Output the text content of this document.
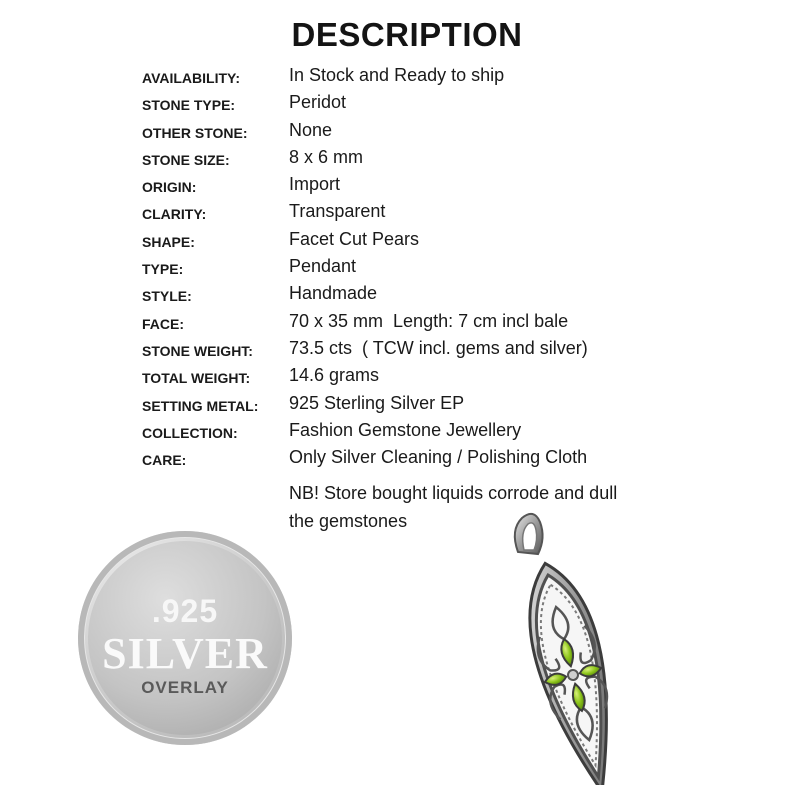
DESCRIPTION
AVAILABILITY:	In Stock and Ready to ship
STONE TYPE:	Peridot
OTHER STONE: None
STONE SIZE:	8 x 6 mm
ORIGIN:	Import
CLARITY:	Transparent
SHAPE:	Facet Cut Pears
TYPE:	Pendant
STYLE:	Handmade
FACE:	70 x 35 mm  Length: 7 cm incl bale
STONE WEIGHT: 73.5 cts  ( TCW incl. gems and silver)
TOTAL WEIGHT: 14.6 grams
SETTING METAL: 925 Sterling Silver EP
COLLECTION:	Fashion Gemstone Jewellery
CARE:	Only Silver Cleaning / Polishing Cloth
NB! Store bought liquids corrode and dull
the gemstones
.925
SILVER
OVERLAY
